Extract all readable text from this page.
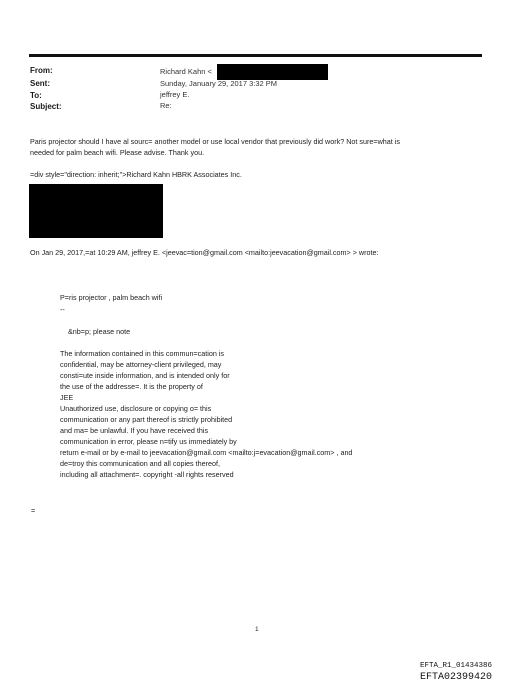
From:
Sent:
To:
Subject:
Richard Kahn <
Sunday, January 29, 2017 3:32 PM
jeffrey E.
Re:
Paris projector should I have al sourc= another model or use local vendor that previously did work? Not sure=what is
needed for palm beach wifi. Please advise. Thank you.
=div style="direction: inherit;">Richard Kahn HBRK Associates Inc.
On Jan 29, 2017,=at 10:29 AM, jeffrey E. <jeevac=tion@gmail.com <mailto:jeevacation@gmail.com> > wrote:
P=ris projector , palm beach wifi
--
&nb=p; please note
The information contained in this commun=cation is
confidential, may be attorney-client privileged, may
consti=ute inside information, and is intended only for
the use of the addresse=. It is the property of
JEE
Unauthorized use, disclosure or copying o= this
communication or any part thereof is strictly prohibited
and ma= be unlawful. If you have received this
communication in error, please n=tify us immediately by
return e-mail or by e-mail to jeevacation@gmail.com <mailto:j=evacation@gmail.com> , and
de=troy this communication and all copies thereof,
including all attachment=. copyright -all rights reserved
=
1
EFTA_R1_01434386
EFTA02399420
